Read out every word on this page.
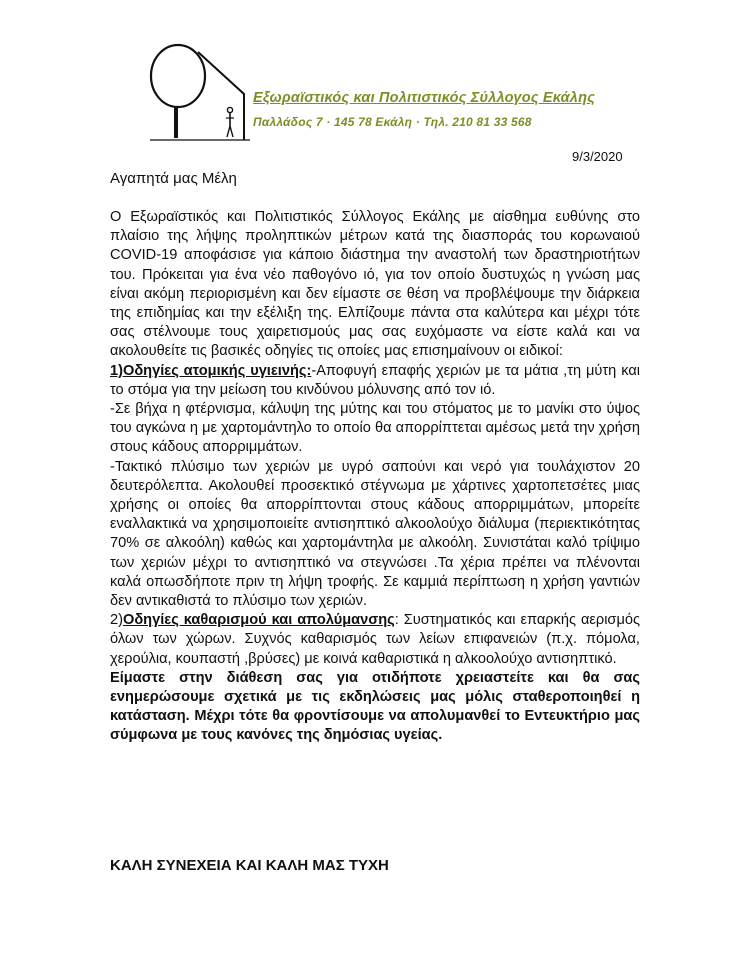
Εξωραϊστικός και Πολιτιστικός Σύλλογος Εκάλης
Παλλάδος 7 · 145 78 Εκάλη · Τηλ. 210 81 33 568
9/3/2020
Αγαπητά μας Μέλη

Ο Εξωραϊστικός και Πολιτιστικός Σύλλογος Εκάλης με αίσθημα ευθύνης στο πλαίσιο της λήψης προληπτικών μέτρων κατά της διασποράς του κορωναιού COVID-19 αποφάσισε για κάποιο διάστημα την αναστολή των δραστηριοτήτων του. Πρόκειται για ένα νέο παθογόνο ιό, για τον οποίο δυστυχώς η γνώση μας είναι ακόμη περιορισμένη και δεν είμαστε σε θέση να προβλέψουμε την διάρκεια της επιδημίας και την εξέλιξη της. Ελπίζουμε πάντα στα καλύτερα και μέχρι τότε σας στέλνουμε τους χαιρετισμούς μας σας ευχόμαστε να είστε καλά και να ακολουθείτε τις βασικές οδηγίες τις οποίες μας επισημαίνουν οι ειδικοί:

1)Οδηγίες ατομικής υγιεινής:-Αποφυγή επαφής χεριών με τα μάτια ,τη μύτη και το στόμα για την μείωση του κινδύνου μόλυνσης από τον ιό.

-Σε βήχα η φτέρνισμα, κάλυψη της μύτης και του στόματος με το μανίκι στο ύψος του αγκώνα η με χαρτομάντηλο το οποίο θα απορρίπτεται αμέσως μετά την χρήση στους κάδους απορριμμάτων.

-Τακτικό πλύσιμο των χεριών με υγρό σαπούνι και νερό για τουλάχιστον 20 δευτερόλεπτα. Ακολουθεί προσεκτικό στέγνωμα με χάρτινες χαρτοπετσέτες μιας χρήσης οι οποίες θα απορρίπτονται στους κάδους απορριμμάτων, μπορείτε εναλλακτικά να χρησιμοποιείτε αντισηπτικό αλκοολούχο διάλυμα (περιεκτικότητας 70% σε αλκοόλη) καθώς και χαρτομάντηλα με αλκοόλη. Συνιστάται καλό τρίψιμο των χεριών μέχρι το αντισηπτικό να στεγνώσει .Τα χέρια πρέπει να πλένονται καλά οπωσδήποτε πριν τη λήψη τροφής. Σε καμμιά περίπτωση η χρήση γαντιών δεν αντικαθιστά το πλύσιμο των χεριών.

2)Οδηγίες καθαρισμού και απολύμανσης: Συστηματικός και επαρκής αερισμός όλων των χώρων. Συχνός καθαρισμός των λείων επιφανειών (π.χ. πόμολα, χερούλια, κουπαστή ,βρύσες) με κοινά καθαριστικά η αλκοολούχο αντισηπτικό.

Είμαστε στην διάθεση σας για οτιδήποτε χρειαστείτε και θα σας ενημερώσουμε σχετικά με τις εκδηλώσεις μας μόλις σταθεροποιηθεί η κατάσταση. Μέχρι τότε θα φροντίσουμε να απολυμανθεί το Εντευκτήριο μας σύμφωνα με τους κανόνες της δημόσιας υγείας.

ΚΑΛΗ ΣΥΝΕΧΕΙΑ ΚΑΙ ΚΑΛΗ ΜΑΣ ΤΥΧΗ
